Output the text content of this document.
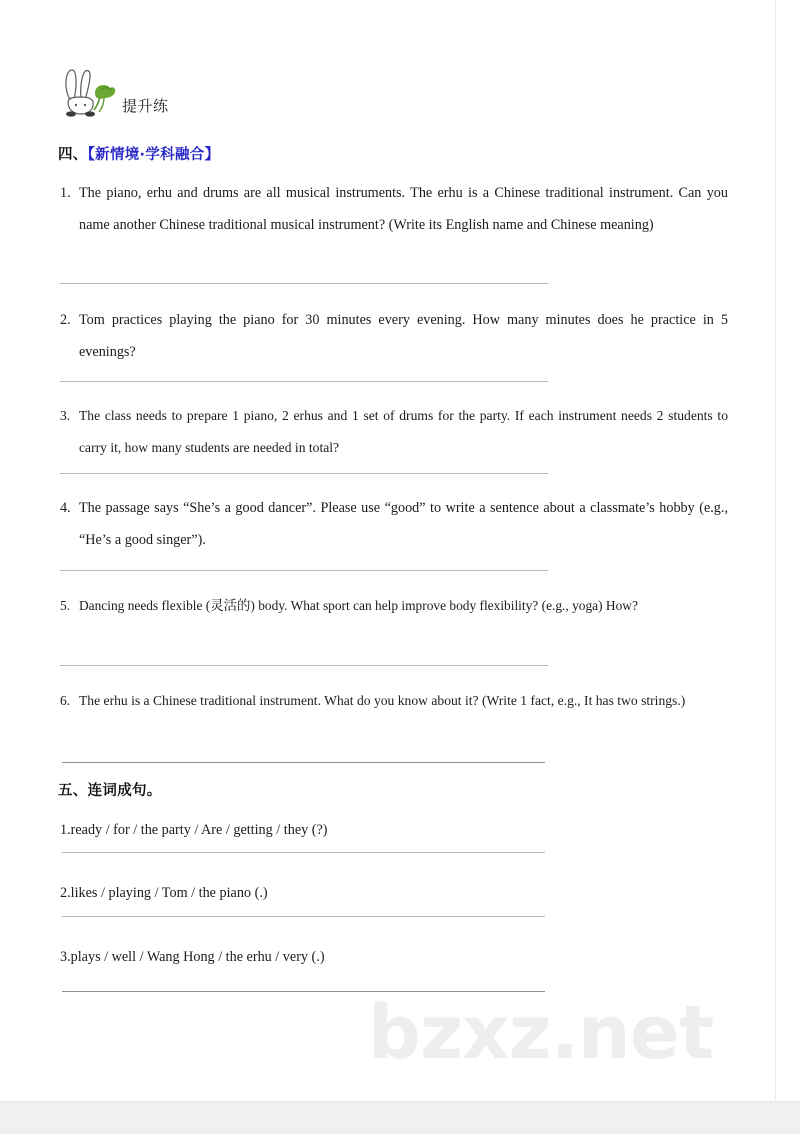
提升练
四、【新情境·学科融合】
1. The piano, erhu and drums are all musical instruments. The erhu is a Chinese traditional instrument. Can you name another Chinese traditional musical instrument? (Write its English name and Chinese meaning)
2. Tom practices playing the piano for 30 minutes every evening. How many minutes does he practice in 5 evenings?
3. The class needs to prepare 1 piano, 2 erhus and 1 set of drums for the party. If each instrument needs 2 students to carry it, how many students are needed in total?
4. The passage says “She’s a good dancer”. Please use “good” to write a sentence about a classmate’s hobby (e.g., “He’s a good singer”).
5. Dancing needs flexible (灵活的) body. What sport can help improve body flexibility? (e.g., yoga) How?
6. The erhu is a Chinese traditional instrument. What do you know about it? (Write 1 fact, e.g., It has two strings.)
五、连词成句。
1.ready / for / the party / Are / getting / they (?)
2.likes / playing / Tom / the piano (.)
3.plays / well / Wang Hong / the erhu / very (.)
bzxz.net
